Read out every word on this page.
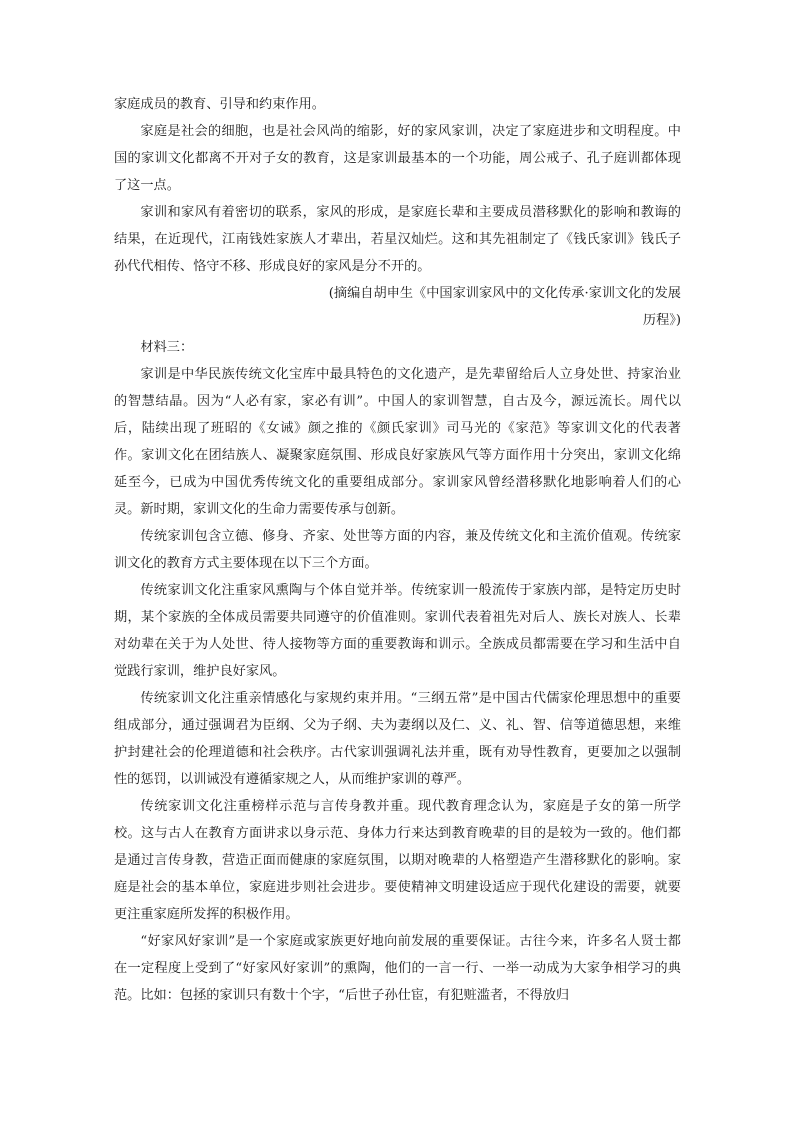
家庭成员的教育、引导和约束作用。

家庭是社会的细胞，也是社会风尚的缩影，好的家风家训，决定了家庭进步和文明程度。中国的家训文化都离不开对子女的教育，这是家训最基本的一个功能，周公戒子、孔子庭训都体现了这一点。

家训和家风有着密切的联系，家风的形成，是家庭长辈和主要成员潜移默化的影响和教诲的结果，在近现代，江南钱姓家族人才辈出，若星汉灿烂。这和其先祖制定了《钱氏家训》钱氏子孙代代相传、恪守不移、形成良好的家风是分不开的。

(摘编自胡申生《中国家训家风中的文化传承·家训文化的发展历程》)

材料三：

家训是中华民族传统文化宝库中最具特色的文化遗产，是先辈留给后人立身处世、持家治业的智慧结晶。因为“人必有家，家必有训”。中国人的家训智慧，自古及今，源远流长。周代以后，陆续出现了班昭的《女诫》颜之推的《颜氏家训》司马光的《家范》等家训文化的代表著作。家训文化在团结族人、凝聚家庭氛围、形成良好家族风气等方面作用十分突出，家训文化绵延至今，已成为中国优秀传统文化的重要组成部分。家训家风曾经潜移默化地影响着人们的心灵。新时期，家训文化的生命力需要传承与创新。

传统家训包含立德、修身、齐家、处世等方面的内容，兼及传统文化和主流价值观。传统家训文化的教育方式主要体现在以下三个方面。

传统家训文化注重家风熏陶与个体自觉并举。传统家训一般流传于家族内部，是特定历史时期，某个家族的全体成员需要共同遵守的价值准则。家训代表着祖先对后人、族长对族人、长辈对幼辈在关于为人处世、待人接物等方面的重要教诲和训示。全族成员都需要在学习和生活中自觉践行家训，维护良好家风。

传统家训文化注重亲情感化与家规约束并用。“三纲五常”是中国古代儒家伦理思想中的重要组成部分，通过强调君为臣纲、父为子纲、夫为妻纲以及仁、义、礼、智、信等道德思想，来维护封建社会的伦理道德和社会秩序。古代家训强调礼法并重，既有劝导性教育，更要加之以强制性的惩罚，以训诫没有遵循家规之人，从而维护家训的尊严。

传统家训文化注重榜样示范与言传身教并重。现代教育理念认为，家庭是子女的第一所学校。这与古人在教育方面讲求以身示范、身体力行来达到教育晚辈的目的是较为一致的。他们都是通过言传身教，营造正面而健康的家庭氛围，以期对晚辈的人格塑造产生潜移默化的影响。家庭是社会的基本单位，家庭进步则社会进步。要使精神文明建设适应于现代化建设的需要，就要更注重家庭所发挥的积极作用。

“好家风好家训”是一个家庭或家族更好地向前发展的重要保证。古往今来，许多名人贤士都在一定程度上受到了“好家风好家训”的熏陶，他们的一言一行、一举一动成为大家争相学习的典范。比如：包拯的家训只有数十个字，“后世子孙仕宦，有犯赃滥者，不得放归
